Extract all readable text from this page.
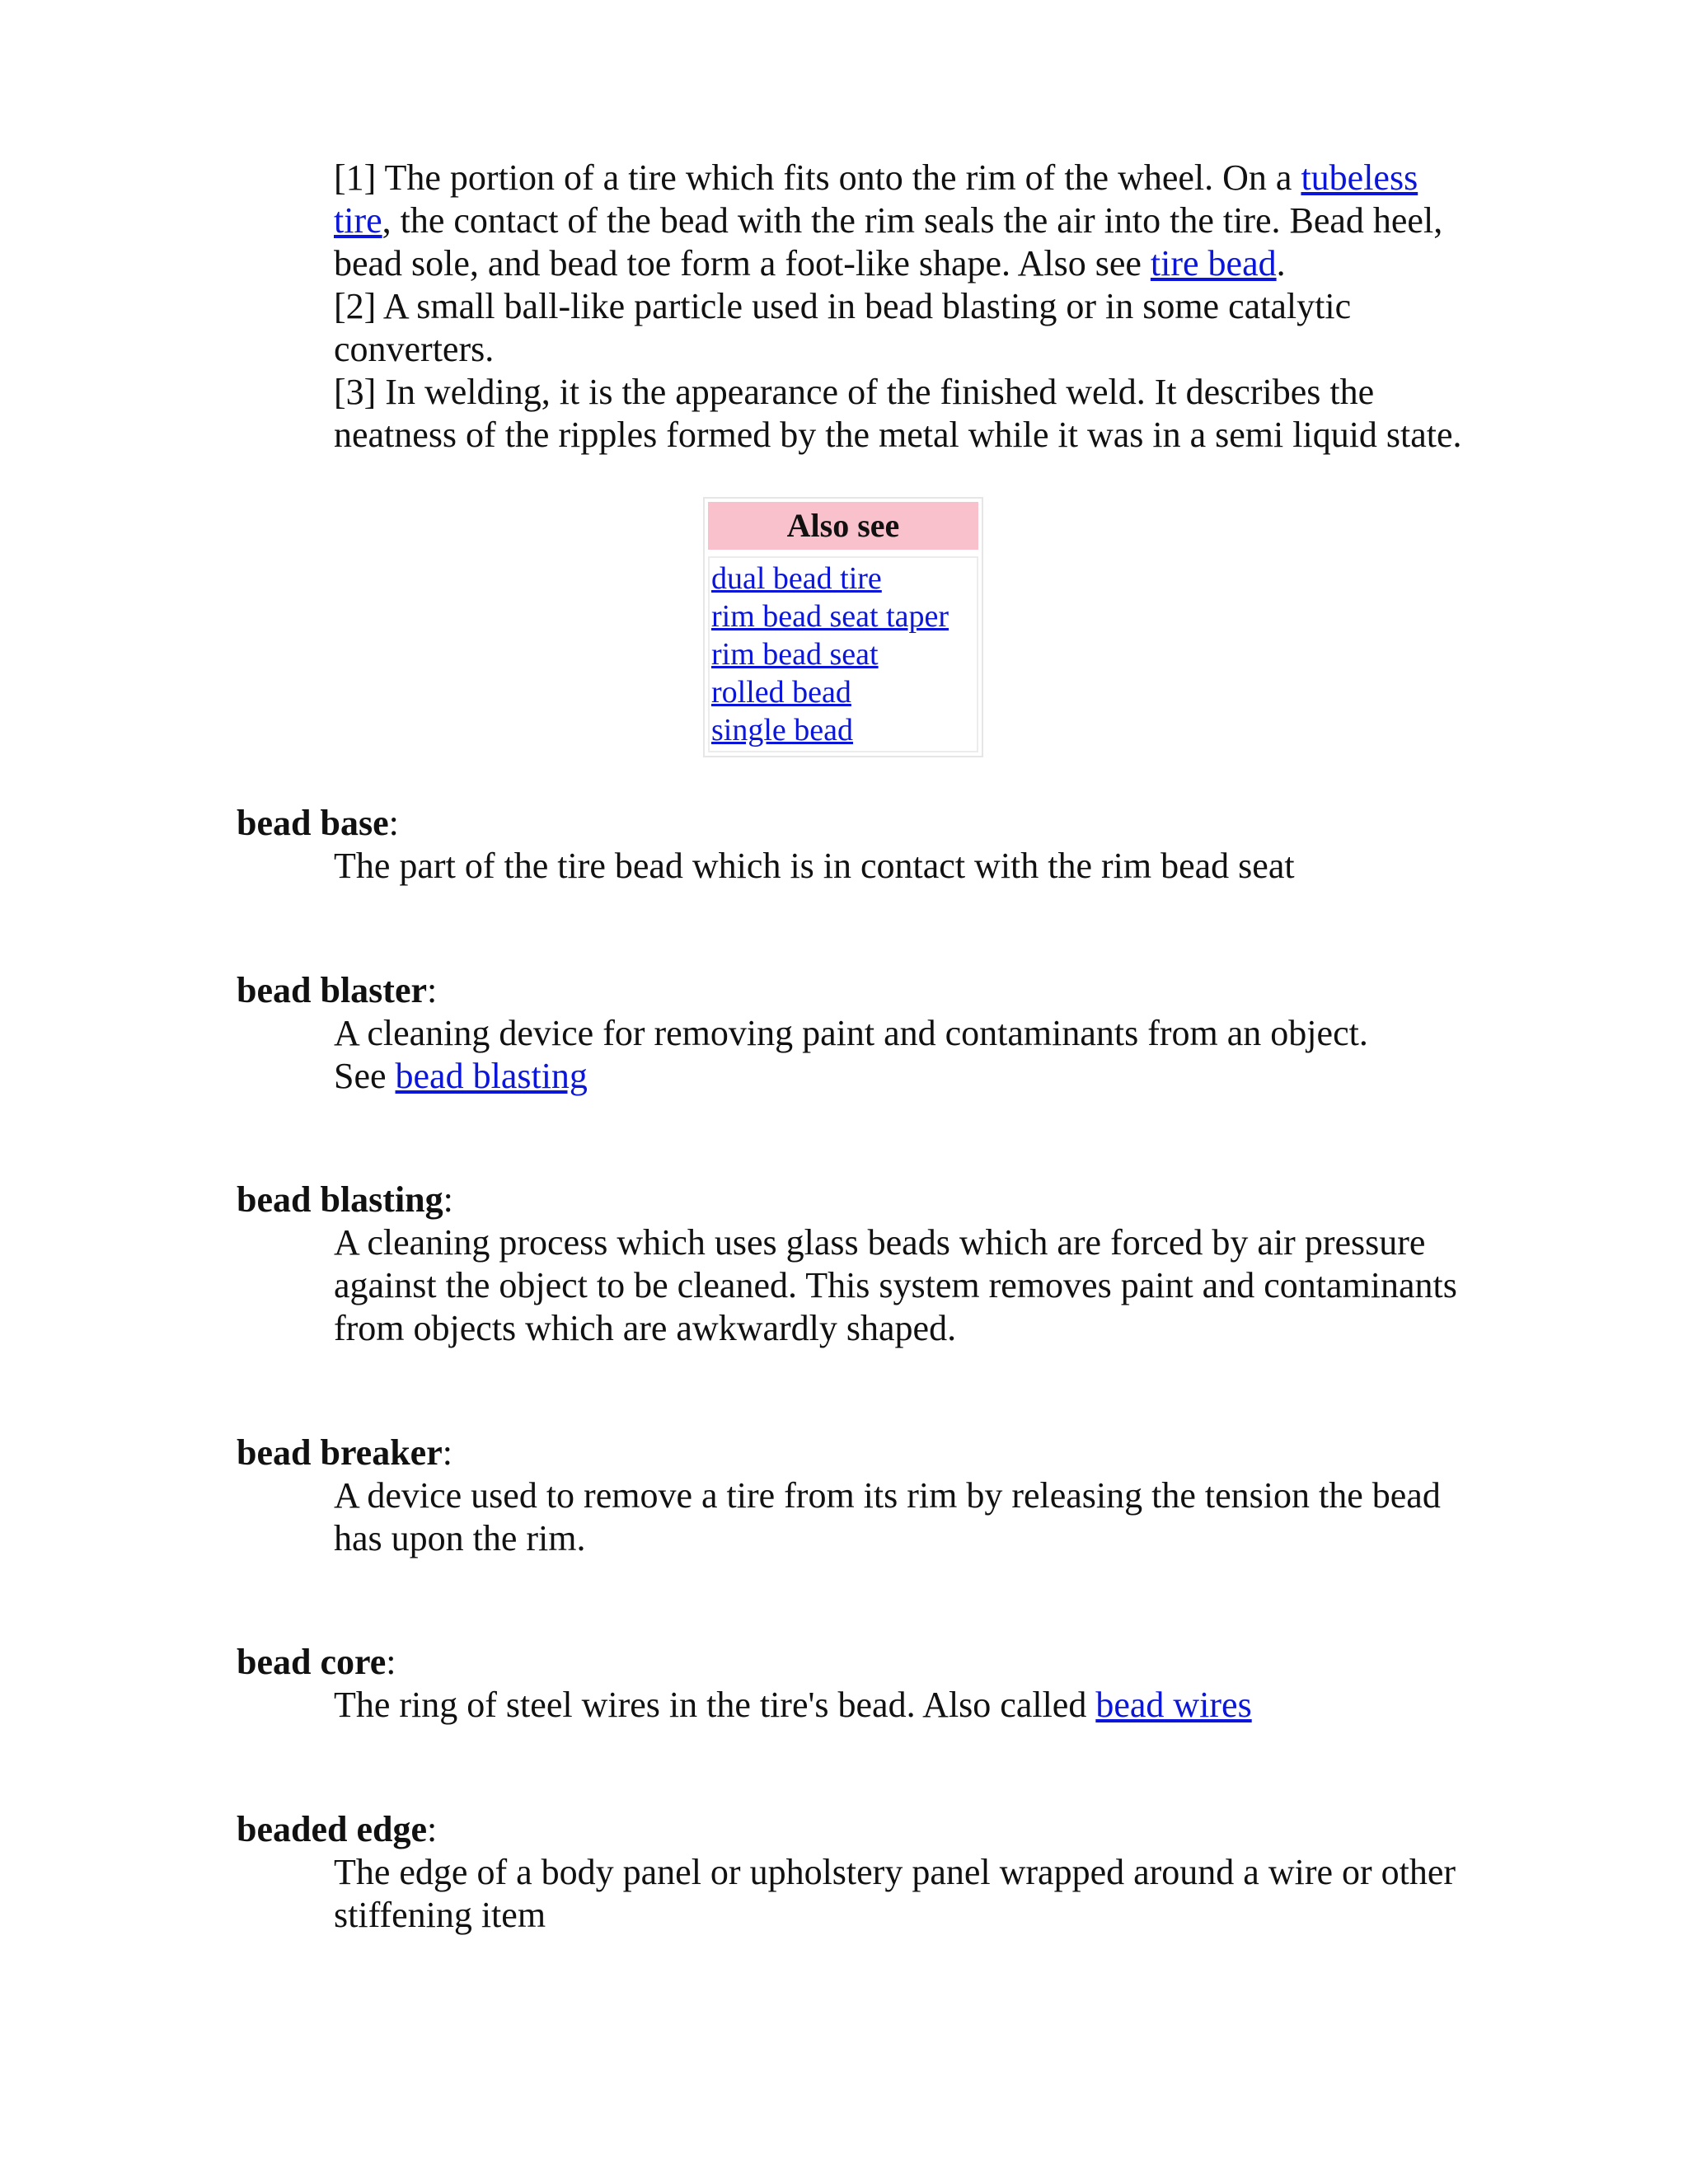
[1] The portion of a tire which fits onto the rim of the wheel. On a tubeless tire, the contact of the bead with the rim seals the air into the tire. Bead heel, bead sole, and bead toe form a foot-like shape. Also see tire bead.
[2] A small ball-like particle used in bead blasting or in some catalytic converters.
[3] In welding, it is the appearance of the finished weld. It describes the neatness of the ripples formed by the metal while it was in a semi liquid state.
Also see
dual bead tire
rim bead seat taper
rim bead seat
rolled bead
single bead
bead base:
The part of the tire bead which is in contact with the rim bead seat
bead blaster:
A cleaning device for removing paint and contaminants from an object.
See bead blasting
bead blasting:
A cleaning process which uses glass beads which are forced by air pressure against the object to be cleaned. This system removes paint and contaminants from objects which are awkwardly shaped.
bead breaker:
A device used to remove a tire from its rim by releasing the tension the bead has upon the rim.
bead core:
The ring of steel wires in the tire's bead. Also called bead wires
beaded edge:
The edge of a body panel or upholstery panel wrapped around a wire or other stiffening item
